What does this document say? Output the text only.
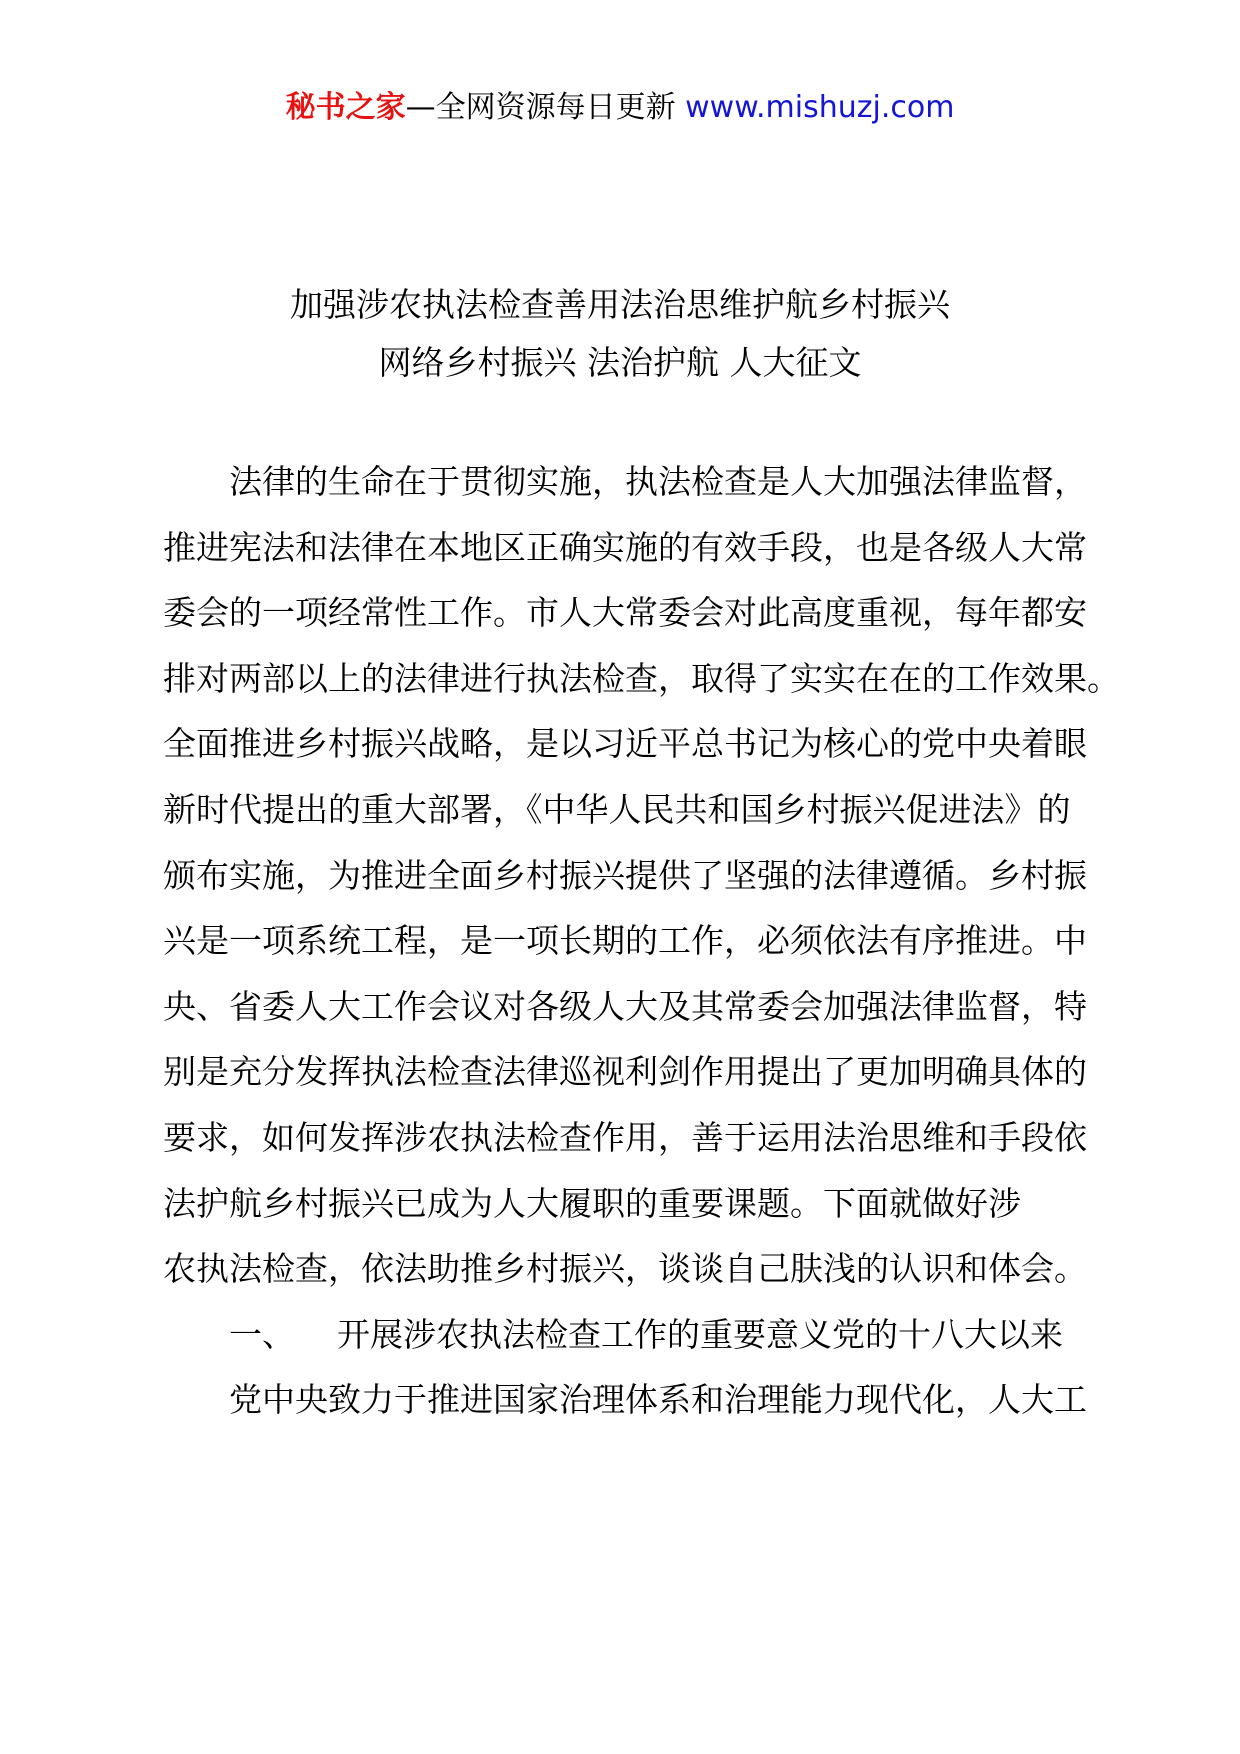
秘书之家—全网资源每日更新 www.mishuzj.com
加强涉农执法检查善用法治思维护航乡村振兴
网络乡村振兴 法治护航 人大征文
法律的生命在于贯彻实施，执法检查是人大加强法律监督，
推进宪法和法律在本地区正确实施的有效手段，也是各级人大常
委会的一项经常性工作。市人大常委会对此高度重视，每年都安
排对两部以上的法律进行执法检查，取得了实实在在的工作效果。
全面推进乡村振兴战略，是以习近平总书记为核心的党中央着眼
新时代提出的重大部署，《中华人民共和国乡村振兴促进法》的
颁布实施，为推进全面乡村振兴提供了坚强的法律遵循。乡村振
兴是一项系统工程，是一项长期的工作，必须依法有序推进。中
央、省委人大工作会议对各级人大及其常委会加强法律监督，特
别是充分发挥执法检查法律巡视利剑作用提出了更加明确具体的
要求，如何发挥涉农执法检查作用，善于运用法治思维和手段依
法护航乡村振兴已成为人大履职的重要课题。下面就做好涉
农执法检查，依法助推乡村振兴，谈谈自己肤浅的认识和体会。
一、 开展涉农执法检查工作的重要意义党的十八大以来
党中央致力于推进国家治理体系和治理能力现代化，人大工
